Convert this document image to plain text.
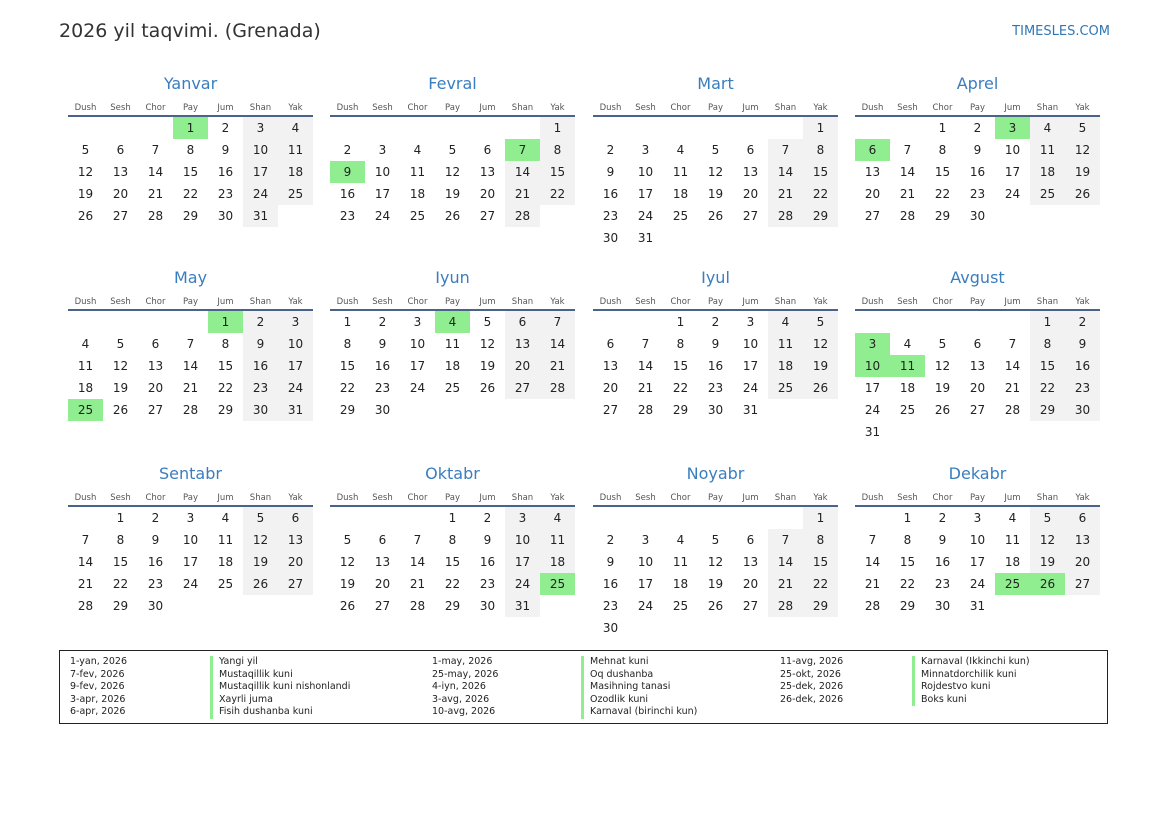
2026 yil taqvimi. (Grenada)	TIMESLES.COM
Yanvar
Dush	Sesh	Chor	Pay	Jum	Shan	Yak
			1	2	3	4
5	6	7	8	9	10	11
12	13	14	15	16	17	18
19	20	21	22	23	24	25
26	27	28	29	30	31	
Fevral
Dush	Sesh	Chor	Pay	Jum	Shan	Yak
						1
2	3	4	5	6	7	8
9	10	11	12	13	14	15
16	17	18	19	20	21	22
23	24	25	26	27	28	
Mart
Dush	Sesh	Chor	Pay	Jum	Shan	Yak
						1
2	3	4	5	6	7	8
9	10	11	12	13	14	15
16	17	18	19	20	21	22
23	24	25	26	27	28	29
30	31					
Aprel
Dush	Sesh	Chor	Pay	Jum	Shan	Yak
		1	2	3	4	5
6	7	8	9	10	11	12
13	14	15	16	17	18	19
20	21	22	23	24	25	26
27	28	29	30			
May
Dush	Sesh	Chor	Pay	Jum	Shan	Yak
				1	2	3
4	5	6	7	8	9	10
11	12	13	14	15	16	17
18	19	20	21	22	23	24
25	26	27	28	29	30	31
Iyun
Dush	Sesh	Chor	Pay	Jum	Shan	Yak
1	2	3	4	5	6	7
8	9	10	11	12	13	14
15	16	17	18	19	20	21
22	23	24	25	26	27	28
29	30					
Iyul
Dush	Sesh	Chor	Pay	Jum	Shan	Yak
		1	2	3	4	5
6	7	8	9	10	11	12
13	14	15	16	17	18	19
20	21	22	23	24	25	26
27	28	29	30	31		
Avgust
Dush	Sesh	Chor	Pay	Jum	Shan	Yak
					1	2
3	4	5	6	7	8	9
10	11	12	13	14	15	16
17	18	19	20	21	22	23
24	25	26	27	28	29	30
31						
Sentabr
Dush	Sesh	Chor	Pay	Jum	Shan	Yak
	1	2	3	4	5	6
7	8	9	10	11	12	13
14	15	16	17	18	19	20
21	22	23	24	25	26	27
28	29	30				
Oktabr
Dush	Sesh	Chor	Pay	Jum	Shan	Yak
			1	2	3	4
5	6	7	8	9	10	11
12	13	14	15	16	17	18
19	20	21	22	23	24	25
26	27	28	29	30	31	
Noyabr
Dush	Sesh	Chor	Pay	Jum	Shan	Yak
						1
2	3	4	5	6	7	8
9	10	11	12	13	14	15
16	17	18	19	20	21	22
23	24	25	26	27	28	29
30						
Dekabr
Dush	Sesh	Chor	Pay	Jum	Shan	Yak
	1	2	3	4	5	6
7	8	9	10	11	12	13
14	15	16	17	18	19	20
21	22	23	24	25	26	27
28	29	30	31			
1-yan, 2026	Yangi yil
7-fev, 2026	Mustaqillik kuni
9-fev, 2026	Mustaqillik kuni nishonlandi
3-apr, 2026	Xayrli juma
6-apr, 2026	Fisih dushanba kuni
1-may, 2026	Mehnat kuni
25-may, 2026	Oq dushanba
4-iyn, 2026	Masihning tanasi
3-avg, 2026	Ozodlik kuni
10-avg, 2026	Karnaval (birinchi kun)
11-avg, 2026	Karnaval (Ikkinchi kun)
25-okt, 2026	Minnatdorchilik kuni
25-dek, 2026	Rojdestvo kuni
26-dek, 2026	Boks kuni
